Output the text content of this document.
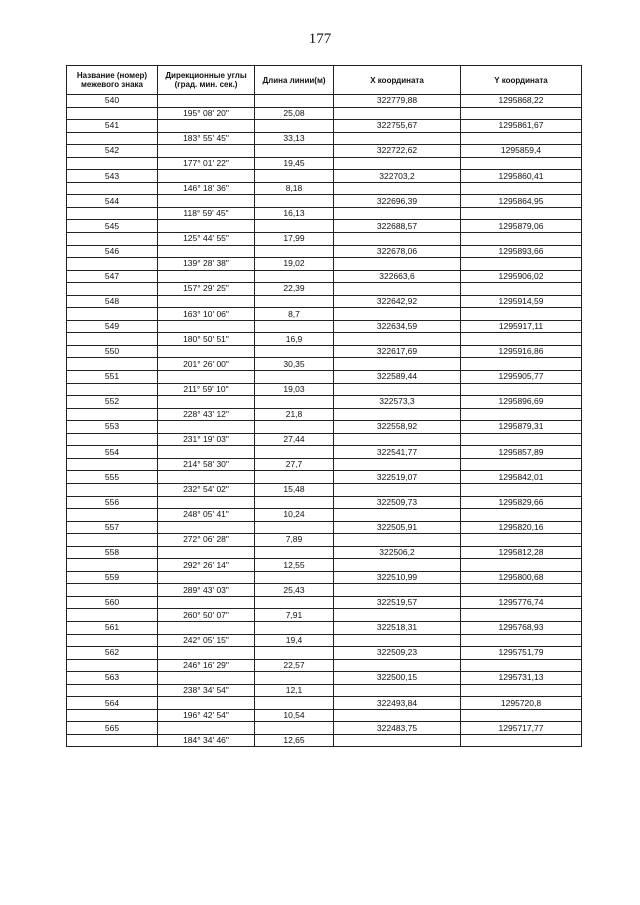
177
Название (номер) межевого знака	Дирекционные углы (град. мин. сек.)	Длина линии(м)	X координата	Y координата
540			322779,88	1295868,22
	195° 08' 20"	25,08		
541			322755,67	1295861,67
	183° 55' 45"	33,13		
542			322722,62	1295859,4
	177° 01' 22"	19,45		
543			322703,2	1295860,41
	146° 18' 36"	8,18		
544			322696,39	1295864,95
	118° 59' 45"	16,13		
545			322688,57	1295879,06
	125° 44' 55"	17,99		
546			322678,06	1295893,66
	139° 28' 38"	19,02		
547			322663,6	1295906,02
	157° 29' 25"	22,39		
548			322642,92	1295914,59
	163° 10' 06"	8,7		
549			322634,59	1295917,11
	180° 50' 51"	16,9		
550			322617,69	1295916,86
	201° 26' 00"	30,35		
551			322589,44	1295905,77
	211° 59' 10"	19,03		
552			322573,3	1295896,69
	228° 43' 12"	21,8		
553			322558,92	1295879,31
	231° 19' 03"	27,44		
554			322541,77	1295857,89
	214° 58' 30"	27,7		
555			322519,07	1295842,01
	232° 54' 02"	15,48		
556			322509,73	1295829,66
	248° 05' 41"	10,24		
557			322505,91	1295820,16
	272° 06' 28"	7,89		
558			322506,2	1295812,28
	292° 26' 14"	12,55		
559			322510,99	1295800,68
	289° 43' 03"	25,43		
560			322519,57	1295776,74
	260° 50' 07"	7,91		
561			322518,31	1295768,93
	242° 05' 15"	19,4		
562			322509,23	1295751,79
	246° 16' 29"	22,57		
563			322500,15	1295731,13
	238° 34' 54"	12,1		
564			322493,84	1295720,8
	196° 42' 54"	10,54		
565			322483,75	1295717,77
	184° 34' 46"	12,65		
